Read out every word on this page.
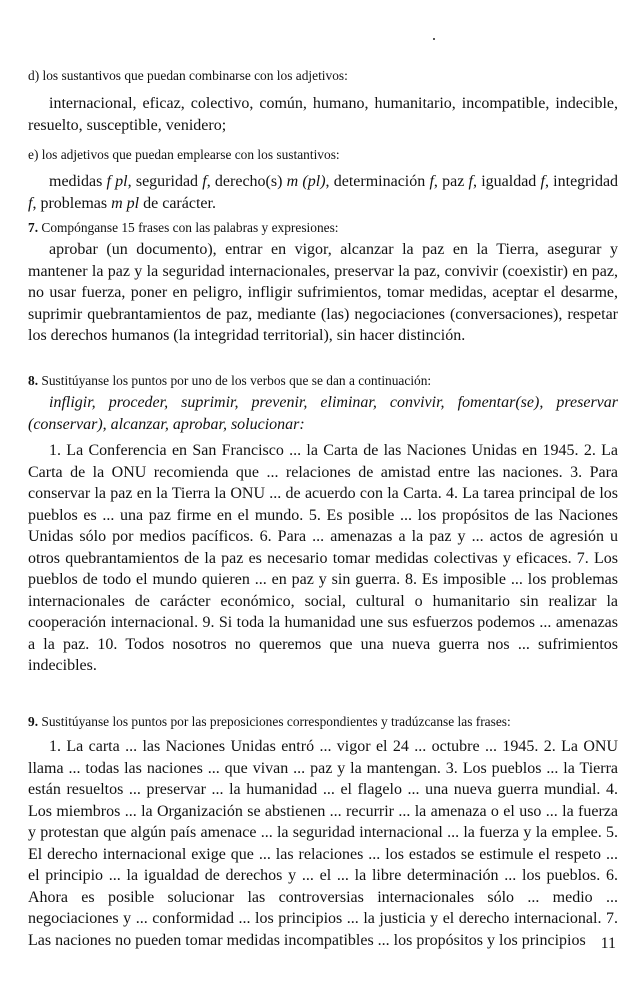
d) los sustantivos que puedan combinarse con los adjetivos:

internacional, eficaz, colectivo, común, humano, humanitario, incompatible, indecible, resuelto, susceptible, venidero;

e) los adjetivos que puedan emplearse con los sustantivos:

medidas f pl, seguridad f, derecho(s) m (pl), determinación f, paz f, igualdad f, integridad f, problemas m pl de carácter.

7. Compónganse 15 frases con las palabras y expresiones:

aprobar (un documento), entrar en vigor, alcanzar la paz en la Tierra, asegurar y mantener la paz y la seguridad internacionales, preservar la paz, convivir (coexistir) en paz, no usar fuerza, poner en peligro, infligir sufrimientos, tomar medidas, aceptar el desarme, suprimir quebrantamientos de paz, mediante (las) negociaciones (conversaciones), respetar los derechos humanos (la integridad territorial), sin hacer distinción.

8. Sustitúyanse los puntos por uno de los verbos que se dan a continuación:

infligir, proceder, suprimir, prevenir, eliminar, convivir, fomentar(se), preservar (conservar), alcanzar, aprobar, solucionar:

1. La Conferencia en San Francisco ... la Carta de las Naciones Unidas en 1945. 2. La Carta de la ONU recomienda que ... relaciones de amistad entre las naciones. 3. Para conservar la paz en la Tierra la ONU ... de acuerdo con la Carta. 4. La tarea principal de los pueblos es ... una paz firme en el mundo. 5. Es posible ... los propósitos de las Naciones Unidas sólo por medios pacíficos. 6. Para ... amenazas a la paz y ... actos de agresión u otros quebrantamientos de la paz es necesario tomar medidas colectivas y eficaces. 7. Los pueblos de todo el mundo quieren ... en paz y sin guerra. 8. Es imposible ... los problemas internacionales de carácter económico, social, cultural o humanitario sin realizar la cooperación internacional. 9. Si toda la humanidad une sus esfuerzos podemos ... amenazas a la paz. 10. Todos nosotros no queremos que una nueva guerra nos ... sufrimientos indecibles.

9. Sustitúyanse los puntos por las preposiciones correspondientes y tradúzcanse las frases:

1. La carta ... las Naciones Unidas entró ... vigor el 24 ... octubre ... 1945. 2. La ONU llama ... todas las naciones ... que vivan ... paz y la mantengan. 3. Los pueblos ... la Tierra están resueltos ... preservar ... la humanidad ... el flagelo ... una nueva guerra mundial. 4. Los miembros ... la Organización se abstienen ... recurrir ... la amenaza o el uso ... la fuerza y protestan que algún país amenace ... la seguridad internacional ... la fuerza y la emplee. 5. El derecho internacional exige que ... las relaciones ... los estados se estimule el respeto ... el principio ... la igualdad de derechos y ... el ... la libre determinación ... los pueblos. 6. Ahora es posible solucionar las controversias internacionales sólo ... medio ... negociaciones y ... conformidad ... los principios ... la justicia y el derecho internacional. 7. Las naciones no pueden tomar medidas incompatibles ... los propósitos y los principios 11
